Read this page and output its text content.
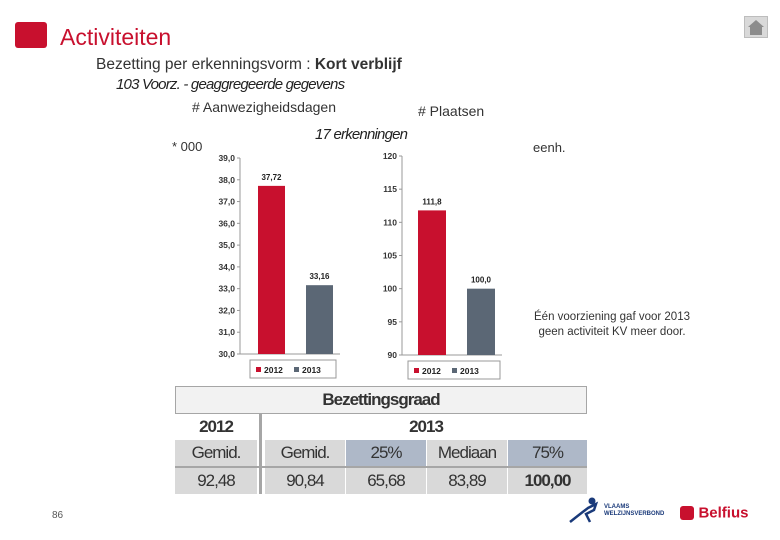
Activiteiten
Bezetting per erkenningsvorm : Kort verblijf
103 Voorz. - geaggregeerde gegevens
# Aanwezigheidsdagen	# Plaatsen
17 erkenningen
* 000	eenh.
30,0
31,0
32,0
33,0
34,0
35,0
36,0
37,0
38,0
39,0
37,72
33,16
2012 2013
90
95
100
105
110
115
120
111,8
100,0
2012 2013
Één voorziening gaf voor 2013 geen activiteit KV meer door.
Bezettingsgraad
2012	2013
Gemid.	Gemid.	25%	Mediaan	75%
92,48	90,84	65,68	83,89	100,00
86
VLAAMS WELZIJNSVERBOND	Belfius
